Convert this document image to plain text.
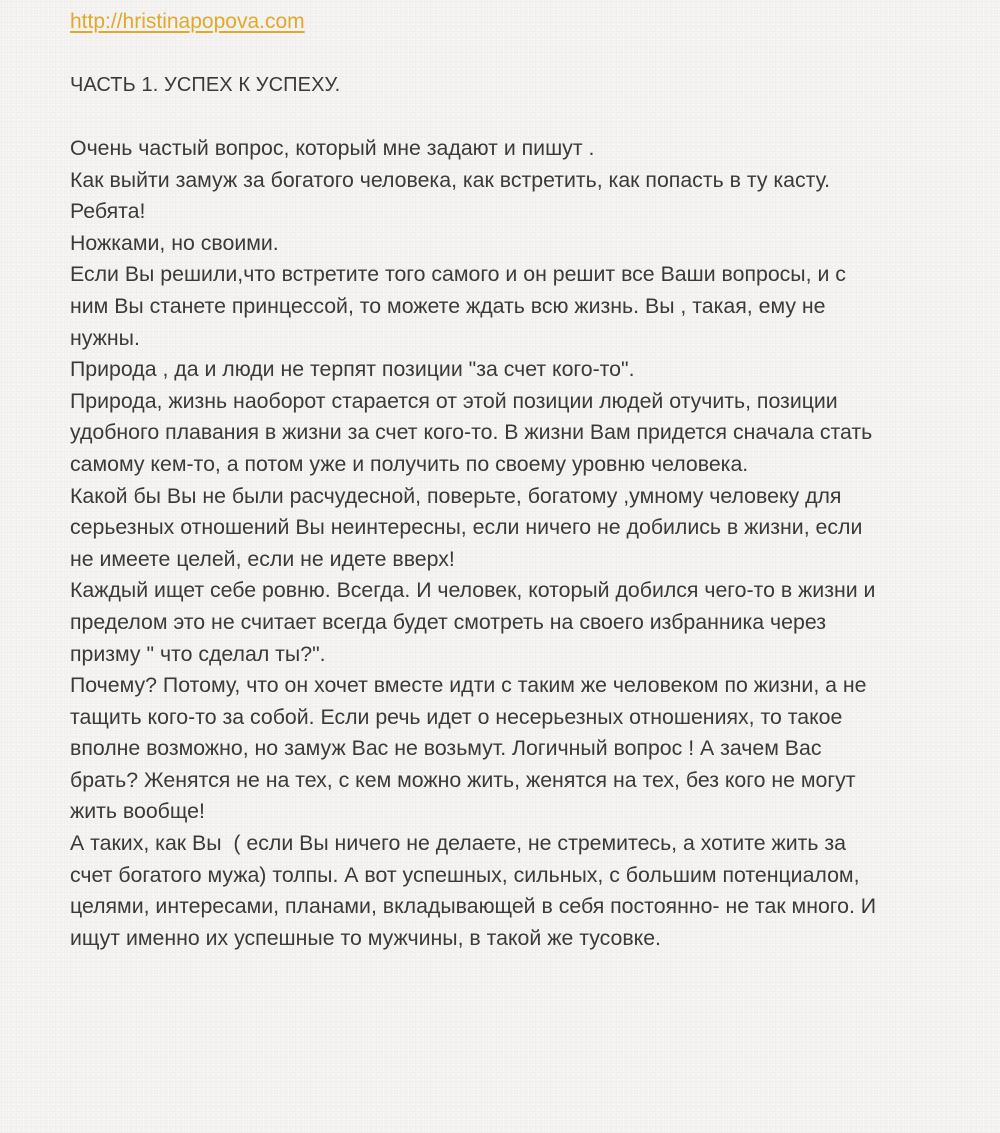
http://hristinapopova.com
ЧАСТЬ 1. УСПЕХ К УСПЕХУ.
Очень частый вопрос, который мне задают и пишут .
Как выйти замуж за богатого человека, как встретить, как попасть в ту касту.
Ребята!
Ножками, но своими.
Если Вы решили,что встретите того самого и он решит все Ваши вопросы, и с
ним Вы станете принцессой, то можете ждать всю жизнь. Вы , такая, ему не
нужны.
Природа , да и люди не терпят позиции "за счет кого-то".
Природа, жизнь наоборот старается от этой позиции людей отучить, позиции
удобного плавания в жизни за счет кого-то. В жизни Вам придется сначала стать
самому кем-то, а потом уже и получить по своему уровню человека.
Какой бы Вы не были расчудесной, поверьте, богатому ,умному человеку для
серьезных отношений Вы неинтересны, если ничего не добились в жизни, если
не имеете целей, если не идете вверх!
Каждый ищет себе ровню. Всегда. И человек, который добился чего-то в жизни и
пределом это не считает всегда будет смотреть на своего избранника через
призму " что сделал ты?".
Почему? Потому, что он хочет вместе идти с таким же человеком по жизни, а не
тащить кого-то за собой. Если речь идет о несерьезных отношениях, то такое
вполне возможно, но замуж Вас не возьмут. Логичный вопрос ! А зачем Вас
брать? Женятся не на тех, с кем можно жить, женятся на тех, без кого не могут
жить вообще!
А таких, как Вы  ( если Вы ничего не делаете, не стремитесь, а хотите жить за
счет богатого мужа) толпы. А вот успешных, сильных, с большим потенциалом,
целями, интересами, планами, вкладывающей в себя постоянно- не так много. И
ищут именно их успешные то мужчины, в такой же тусовке.
